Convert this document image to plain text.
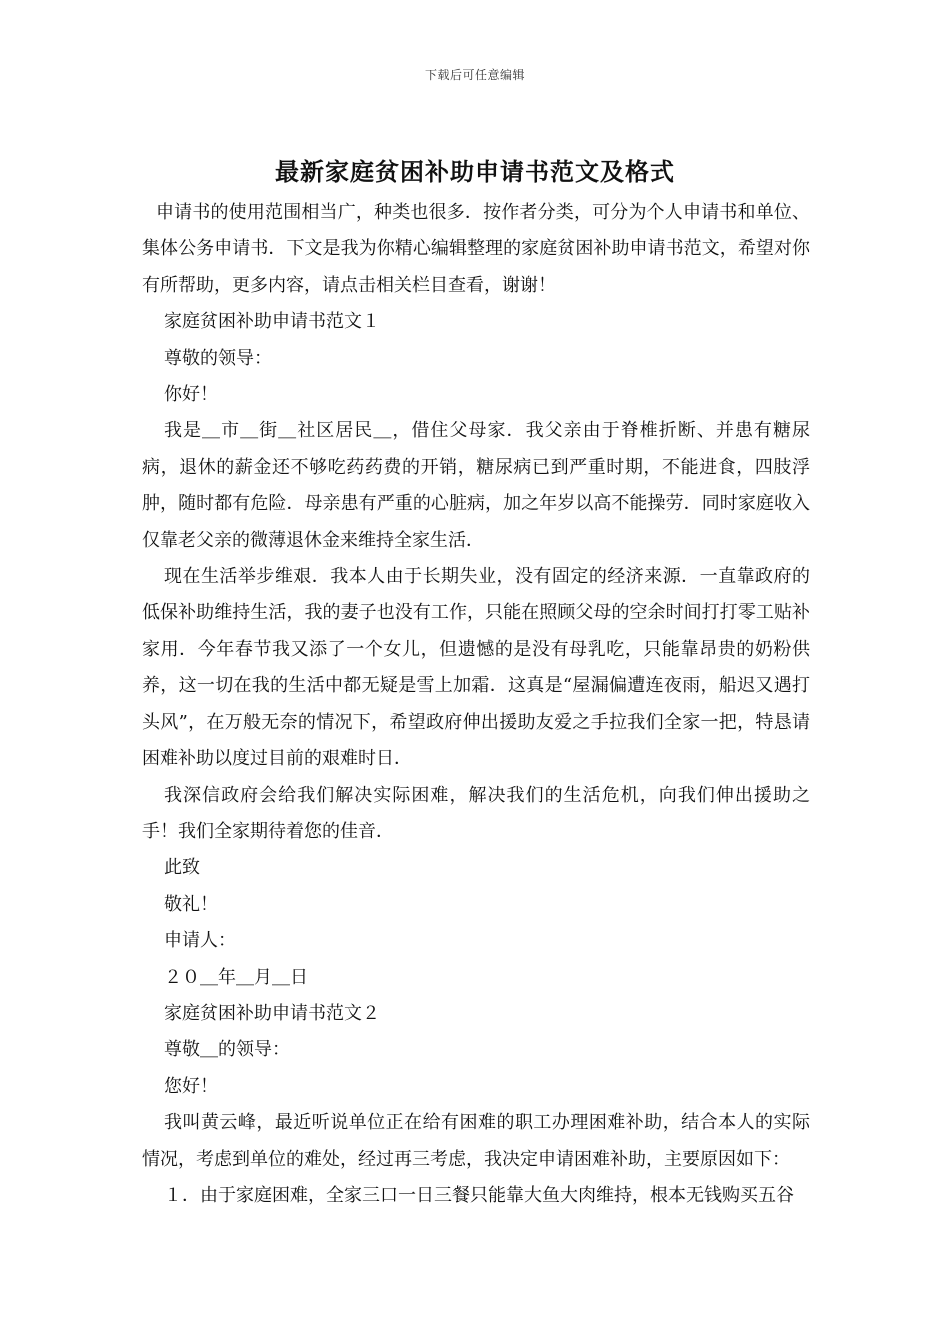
下载后可任意编辑
最新家庭贫困补助申请书范文及格式

申请书的使用范围相当广，种类也很多．按作者分类，可分为个人申请书和单位、集体公务申请书．下文是我为你精心编辑整理的家庭贫困补助申请书范文，希望对你有所帮助，更多内容，请点击相关栏目查看，谢谢！

家庭贫困补助申请书范文１

尊敬的领导：

你好！

我是＿市＿街＿社区居民＿，借住父母家．我父亲由于脊椎折断、并患有糖尿病，退休的薪金还不够吃药药费的开销，糖尿病已到严重时期，不能进食，四肢浮肿，随时都有危险．母亲患有严重的心脏病，加之年岁以高不能操劳．同时家庭收入仅靠老父亲的微薄退休金来维持全家生活．

现在生活举步维艰．我本人由于长期失业，没有固定的经济来源．一直靠政府的低保补助维持生活，我的妻子也没有工作，只能在照顾父母的空余时间打打零工贴补家用．今年春节我又添了一个女儿，但遗憾的是没有母乳吃，只能靠昂贵的奶粉供养，这一切在我的生活中都无疑是雪上加霜．这真是“屋漏偏遭连夜雨，船迟又遇打头风”，在万般无奈的情况下，希望政府伸出援助友爱之手拉我们全家一把，特恳请困难补助以度过目前的艰难时日．

我深信政府会给我们解决实际困难，解决我们的生活危机，向我们伸出援助之手！我们全家期待着您的佳音．

此致

敬礼！

申请人：

２０＿年＿月＿日

家庭贫困补助申请书范文２

尊敬＿的领导：

您好！

我叫黄云峰，最近听说单位正在给有困难的职工办理困难补助，结合本人的实际情况，考虑到单位的难处，经过再三考虑，我决定申请困难补助，主要原因如下：

１．由于家庭困难，全家三口一日三餐只能靠大鱼大肉维持，根本无钱购买五谷
